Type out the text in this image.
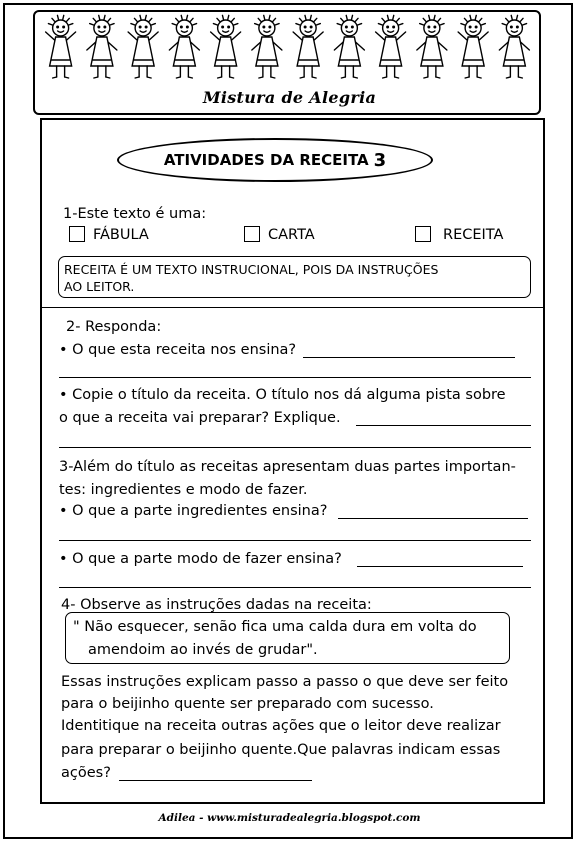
Mistura de Alegria
ATIVIDADES DA RECEITA 3
1-Este texto é uma:
FÁBULA	CARTA	RECEITA
RECEITA É UM TEXTO INSTRUCIONAL, POIS DA INSTRUÇÕES
AO LEITOR.
2- Responda:
• O que esta receita nos ensina?
• Copie o título da receita. O título nos dá alguma pista sobre
o que a receita vai preparar? Explique.
3-Além do título as receitas apresentam duas partes importan-
tes: ingredientes e modo de fazer.
• O que a parte ingredientes ensina?
• O que a parte modo de fazer ensina?
4- Observe as instruções dadas na receita:
" Não esquecer, senão fica uma calda dura em volta do
amendoim ao invés de grudar".
Essas instruções explicam passo a passo o que deve ser feito
para o beijinho quente ser preparado com sucesso.
Identitique na receita outras ações que o leitor deve realizar
para preparar o beijinho quente.Que palavras indicam essas
ações?
Adilea - www.misturadealegria.blogspot.com
